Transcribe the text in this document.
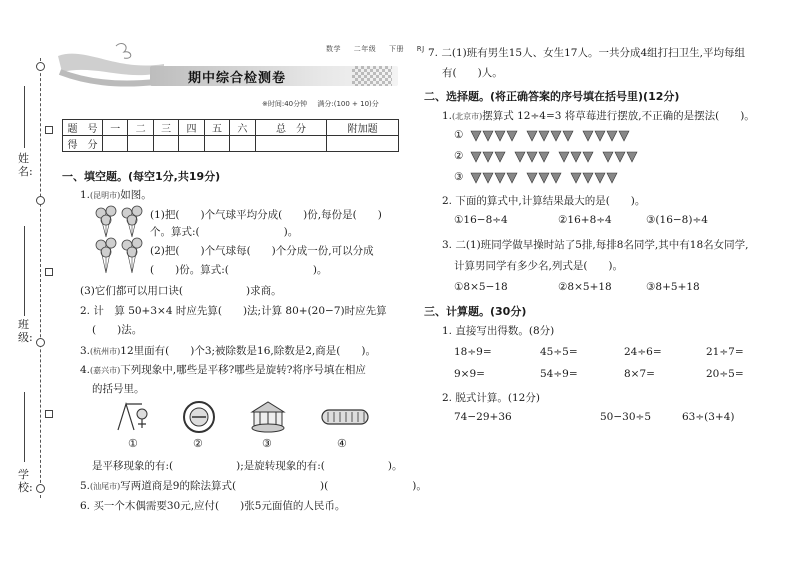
姓名:
班级:
学校:
数学 二年级 下册 RJ
期中综合检测卷
※时间:40分钟 满分:(100 + 10)分
题　号	一	二	三	四	五	六	总　分	附加题
得　分								
一、填空题。(每空1分,共19分)
1.(昆明市)如图。
(1)把(　　)个气球平均分成(　　)份,每份是(　　)
个。算式:(　　　　　　　　)。
(2)把(　　)个气球每(　　)个分成一份,可以分成
(　　)份。算式:(　　　　　　　　)。
(3)它们都可以用口诀(　　　　　　)求商。
2. 计　算 50+3×4 时应先算(　　)法;计算 80+(20−7)时应先算
(　　)法。
3.(杭州市)12里面有(　　)个3;被除数是16,除数是2,商是(　　)。
4.(嘉兴市)下列现象中,哪些是平移?哪些是旋转?将序号填在相应
的括号里。
①	②	③	④
是平移现象的有:(　　　　　　);是旋转现象的有:(　　　　　　)。
5.(汕尾市)写两道商是9的除法算式(　　　　　　　　)(　　　　　　　　)。
6. 买一个木偶需要30元,应付(　　)张5元面值的人民币。
7. 二(1)班有男生15人、女生17人。一共分成4组打扫卫生,平均每组
有(　　)人。
二、选择题。(将正确答案的序号填在括号里)(12分)
1.(北京市)摆算式 12÷4=3 将草莓进行摆放,不正确的是摆法(　　)。
①
②
③
2. 下面的算式中,计算结果最大的是(　　)。
①16−8÷4	②16+8÷4	③(16−8)÷4
3. 二(1)班同学做早操时站了5排,每排8名同学,其中有18名女同学,
计算男同学有多少名,列式是(　　)。
①8×5−18	②8×5+18	③8+5+18
三、计算题。(30分)
1. 直接写出得数。(8分)
18÷9=	45÷5=	24÷6=	21÷7=
9×9=	54÷9=	8×7=	20÷5=
2. 脱式计算。(12分)
74−29+36	50−30÷5	63÷(3+4)
